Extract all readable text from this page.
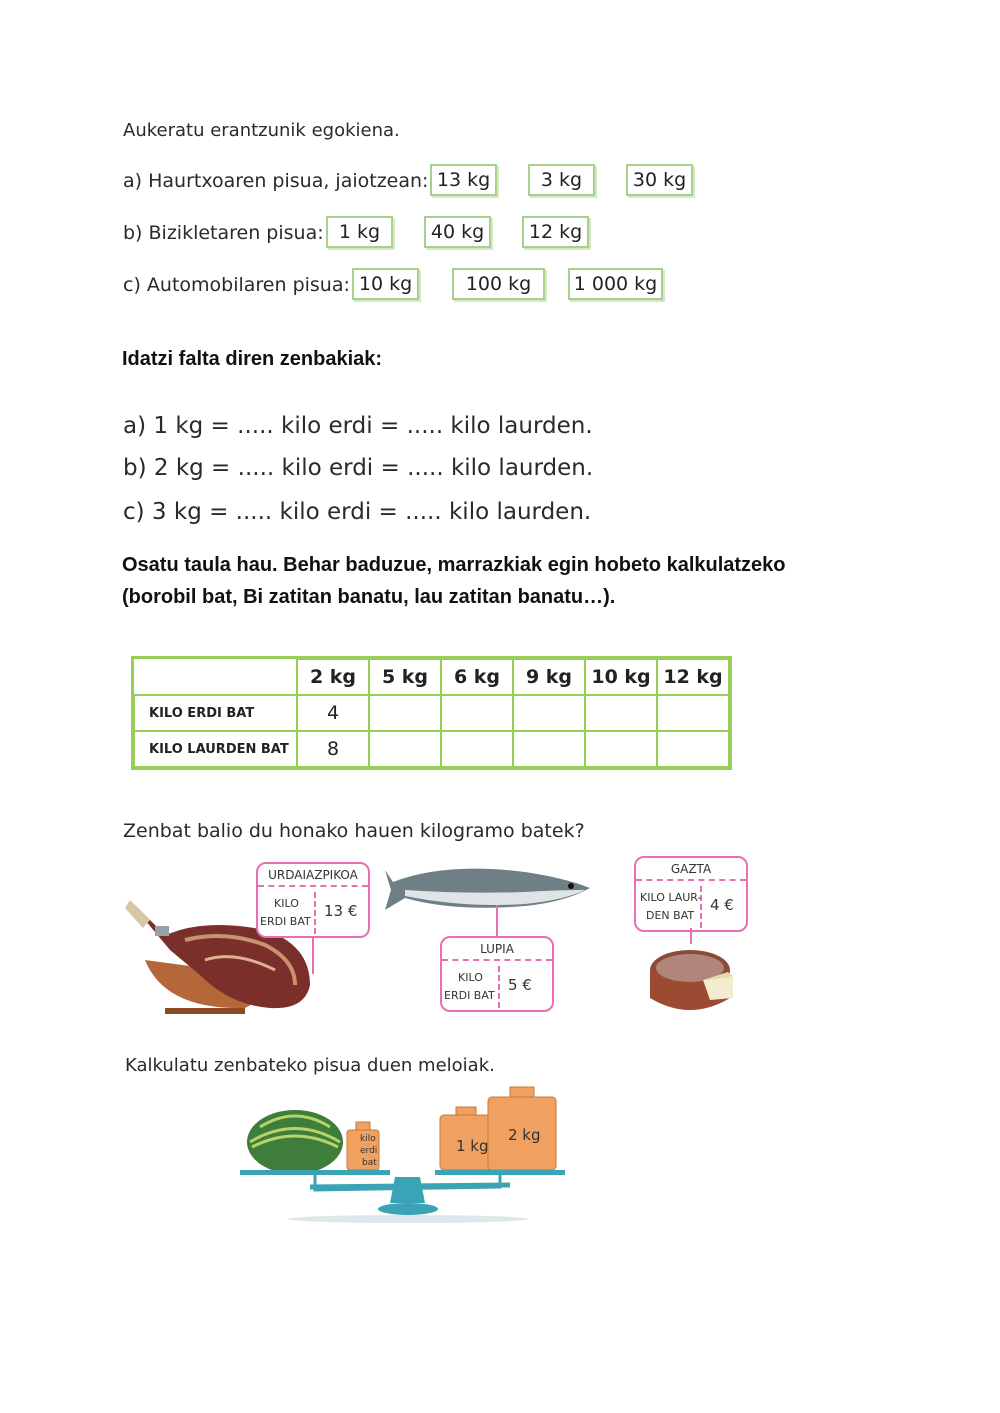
Aukeratu erantzunik egokiena.
a) Haurtxoaren pisua, jaiotzean: 13 kg	3 kg	30 kg
b) Bizikletaren pisua: 1 kg	40 kg	12 kg
c) Automobilaren pisua: 10 kg	100 kg	1 000 kg
Idatzi falta diren zenbakiak:
a) 1 kg = ..... kilo erdi = ..... kilo laurden.
b) 2 kg = ..... kilo erdi = ..... kilo laurden.
c) 3 kg = ..... kilo erdi = ..... kilo laurden.
Osatu taula hau. Behar baduzue, marrazkiak egin hobeto kalkulatzeko (borobil bat, Bi zatitan banatu, lau zatitan banatu…).
	2 kg	5 kg	6 kg	9 kg	10 kg	12 kg
KILO ERDI BAT	4					
KILO LAURDEN BAT	8					
Zenbat balio du honako hauen kilogramo batek?
URDAIAZPIKOA
KILO
ERDI BAT
13 €
LUPIA
KILO
ERDI BAT
5 €
GAZTA
KILO LAUR-
DEN BAT
4 €
Kalkulatu zenbateko pisua duen meloiak.
kilo
erdi
bat
1 kg
2 kg
